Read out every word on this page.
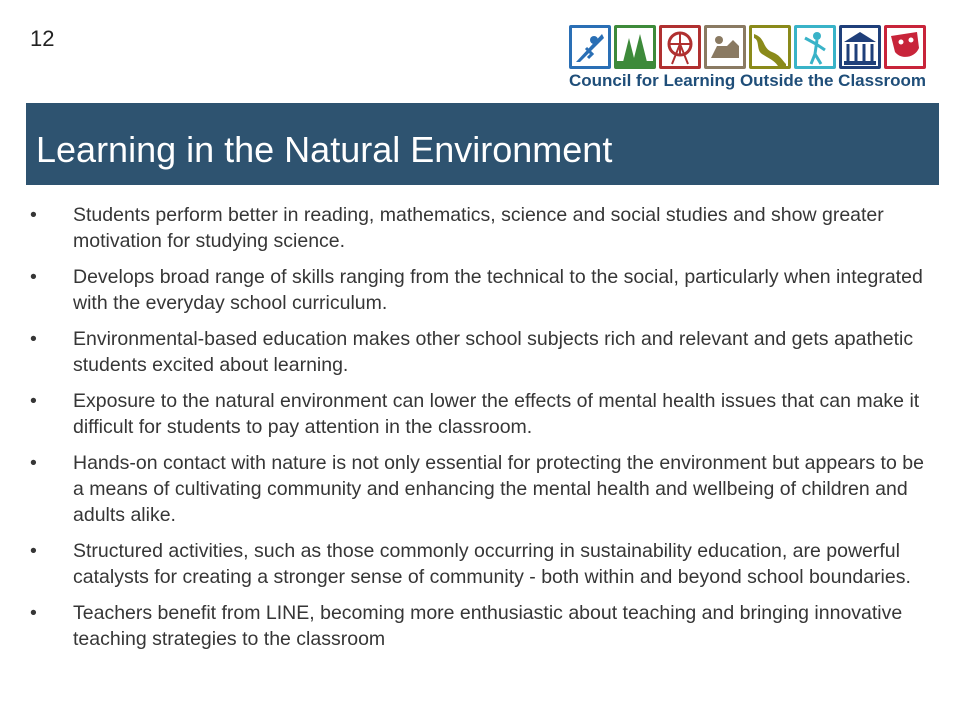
12
Council for Learning Outside the Classroom
Learning in the Natural Environment
• Students perform better in reading, mathematics, science and social studies and show greater motivation for studying science.
• Develops broad range of skills ranging from the technical to the social, particularly when integrated with the everyday school curriculum.
• Environmental-based education makes other school subjects rich and relevant and gets apathetic students excited about learning.
• Exposure to the natural environment can lower the effects of mental health issues that can make it difficult for students to pay attention in the classroom.
• Hands-on contact with nature is not only essential for protecting the environment but appears to be a means of cultivating community and enhancing the mental health and wellbeing of children and adults alike.
• Structured activities, such as those commonly occurring in sustainability education, are powerful catalysts for creating a stronger sense of community - both within and beyond school boundaries.
• Teachers benefit from LINE, becoming more enthusiastic about teaching and bringing innovative teaching strategies to the classroom
